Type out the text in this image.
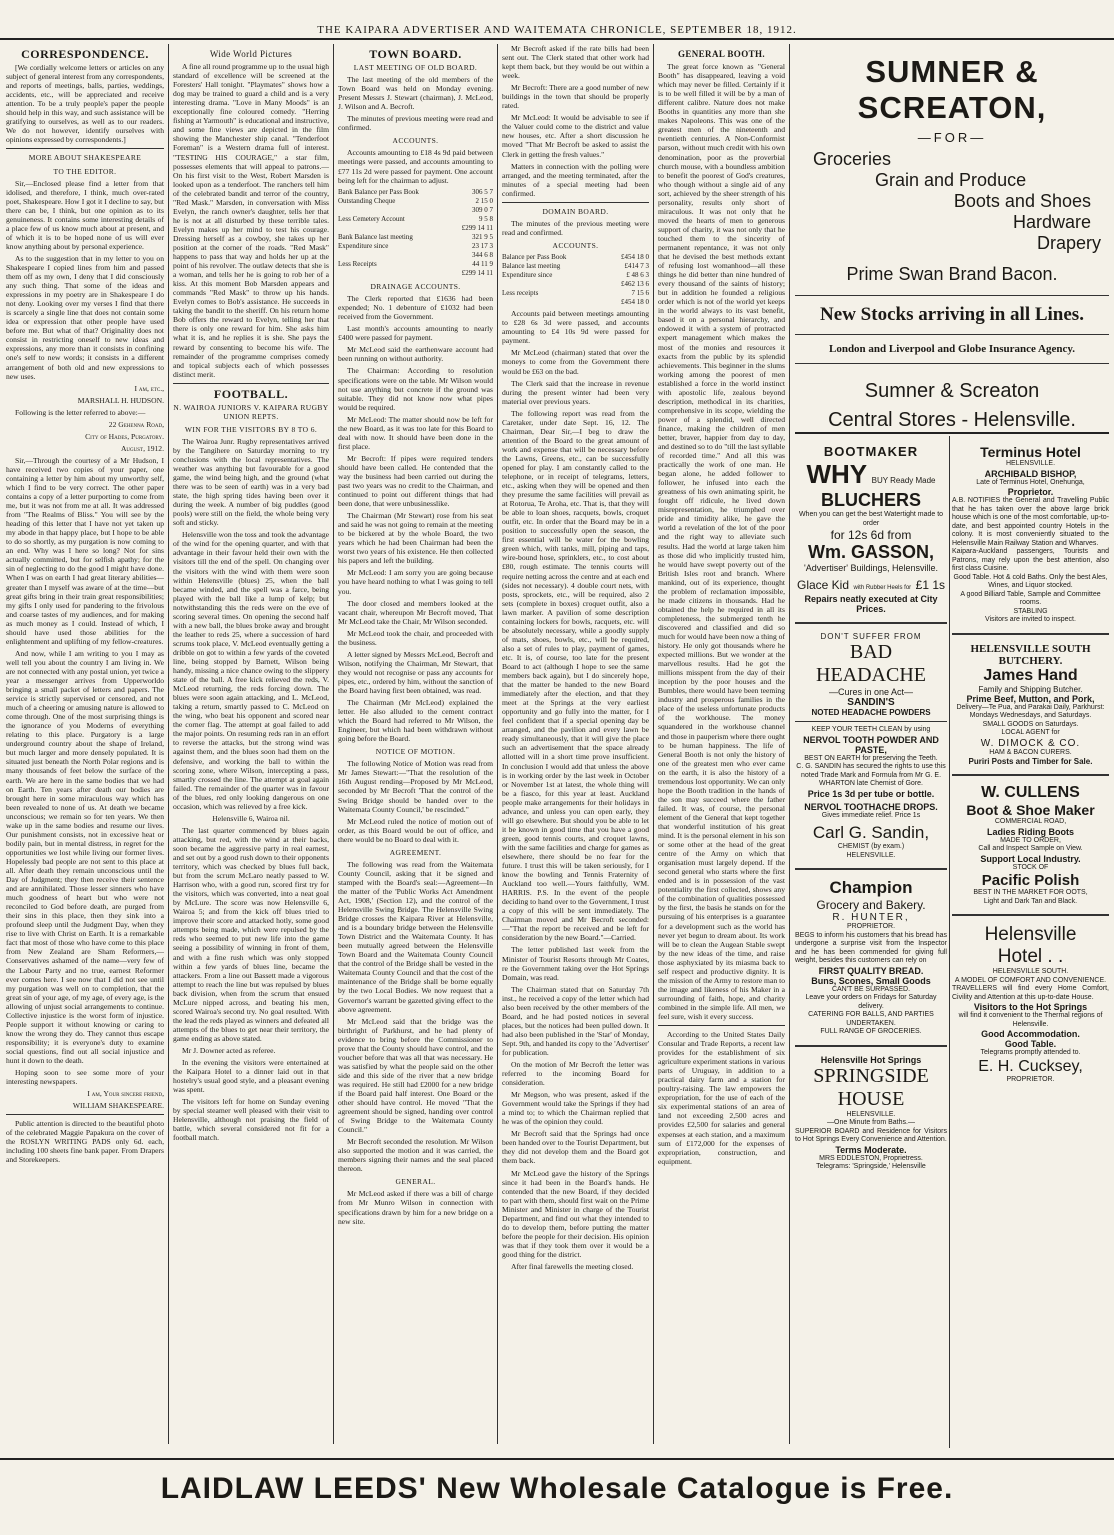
THE KAIPARA ADVERTISER AND WAITEMATA CHRONICLE, SEPTEMBER 18, 1912.
CORRESPONDENCE.

[We cordially welcome letters or articles on any subject of general interest from any correspondents, and reports of meetings, balls, parties, weddings, accidents, etc., will be appreciated and receive attention. To be a truly people's paper the people should help in this way, and such assistance will be gratifying to ourselves, as well as to our readers. We do not however, identify ourselves with opinions expressed by correspondents.]

MORE ABOUT SHAKESPEARE
TO THE EDITOR.

Sir,—Enclosed please find a letter from that idolised, and therefore, I think, much over-rated poet, Shakespeare. How I got it I decline to say, but there can be, I think, but one opinion as to its genuineness. It contains some interesting details of a place few of us know much about at present, and of which it is to be hoped none of us will ever know anything about by personal experience.

As to the suggestion that in my letter to you on Shakespeare I copied lines from him and passed them off as my own, I deny that I did consciously any such thing. That some of the ideas and expressions in my poetry are in Shakespeare I do not deny. Looking over my verses I find that there is scarcely a single line that does not contain some idea or expression that other people have used before me. But what of that? Originality does not consist in restricting oneself to new ideas and expressions, any more than it consists in confining one's self to new words; it consists in a different arrangement of both old and new expressions to new uses.

I am, etc.,

MARSHALL H. HUDSON.

Following is the letter referred to above:—

22 Gehenna Road,

City of Hades, Purgatory.

August, 1912.

Sir,—Through the courtesy of a Mr Hudson, I have received two copies of your paper, one containing a letter by him about my unworthy self, which I find to be very correct. The other paper contains a copy of a letter purporting to come from me, but it was not from me at all. It was addressed from "The Realms of Bliss." You will see by the heading of this letter that I have not yet taken up my abode in that happy place, but I hope to be able to do so shortly, as my purgation is now coming to an end. Why was I here so long? Not for sins actually committed, but for selfish apathy; for the sin of neglecting to do the good I might have done. When I was on earth I had great literary abilities—greater than I myself was aware of at the time—but great gifts bring in their train great responsibilities; my gifts I only used for pandering to the frivolous and coarse tastes of my audiences, and for making as much money as I could. Instead of which, I should have used those abilities for the enlightenment and uplifting of my fellow-creatures.

And now, while I am writing to you I may as well tell you about the country I am living in. We are not connected with any postal union, yet twice a year a messenger arrives from Upperworldo bringing a small packet of letters and papers. The service is strictly supervised or censored, and not much of a cheering or amusing nature is allowed to come through. One of the most surprising things is the ignorance of you Moderns of everything relating to this place. Purgatory is a large underground country about the shape of Ireland, but much larger and more densely populated. It is situated just beneath the North Polar regions and is many thousands of feet below the surface of the earth. We are here in the same bodies that we had on Earth. Ten years after death our bodies are brought here in some miraculous way which has been revealed to none of us. At death we became unconscious; we remain so for ten years. We then wake up in the same bodies and resume our lives. Our punishment consists, not in excessive heat or bodily pain, but in mental distress, in regret for the opportunities we lost while living our former lives. Hopelessly bad people are not sent to this place at all. After death they remain unconscious until the Day of Judgment; they then receive their sentence and are annihilated. Those lesser sinners who have much goodness of heart but who were not reconciled to God before death, are purged from their sins in this place, then they sink into a profound sleep until the Judgment Day, when they rise to live with Christ on Earth. It is a remarkable fact that most of those who have come to this place from New Zealand are Sham Reformers,—Conservatives ashamed of the name—very few of the Labour Party and no true, earnest Reformer ever comes here. I see now that I did not see until my purgation was well on to completion, that the great sin of your age, of my age, of every age, is the allowing of unjust social arrangements to continue. Collective injustice is the worst form of injustice. People support it without knowing or caring to know the wrong they do. They cannot thus escape responsibility; it is everyone's duty to examine social questions, find out all social injustice and hunt it down to the death.

Hoping soon to see some more of your interesting newspapers.

I am, Your sincere friend,

WILLIAM SHAKESPEARE.

Public attention is directed to the beautiful photo of the celebrated Maggie Papakura on the cover of the ROSLYN WRITING PADS only 6d. each, including 100 sheets fine bank paper. From Drapers and Storekeepers.

Wide World Pictures

A fine all round programme up to the usual high standard of excellence will be screened at the Foresters' Hall tonight. "Playmates" shows how a dog may be trained to guard a child and is a very interesting drama. "Love in Many Moods" is an exceptionally fine coloured comedy. "Herring fishing at Yarmouth" is educational and instructive, and some fine views are depicted in the film showing the Manchester ship canal. "Tenderfoot Foreman" is a Western drama full of interest. "TESTING HIS COURAGE," a star film, possesses elements that will appeal to patrons.—On his first visit to the West, Robert Marsden is looked upon as a tenderfoot. The ranchers tell him of the celebrated bandit and terror of the country, "Red Mask." Marsden, in conversation with Miss Evelyn, the ranch owner's daughter, tells her that he is not at all disturbed by these terrible tales. Evelyn makes up her mind to test his courage. Dressing herself as a cowboy, she takes up her position at the corner of the roads. "Red Mask" happens to pass that way and holds her up at the point of his revolver. The outlaw detects that she is a woman, and tells her he is going to rob her of a kiss. At this moment Bob Marsden appears and commands "Red Mask" to throw up his hands. Evelyn comes to Bob's assistance. He succeeds in taking the bandit to the sheriff. On his return home Bob offers the reward to Evelyn, telling her that there is only one reward for him. She asks him what it is, and he replies it is she. She pays the reward by consenting to become his wife. The remainder of the programme comprises comedy and topical subjects each of which possesses distinct merit.

FOOTBALL.
N. WAIROA JUNIORS V. KAIPARA RUGBY UNION REPTS.
WIN FOR THE VISITORS BY 8 TO 6.

The Wairoa Junr. Rugby representatives arrived by the Tangihere on Saturday morning to try conclusions with the local representatives. The weather was anything but favourable for a good game, the wind being high, and the ground (what there was to be seen of earth) was in a very bad state, the high spring tides having been over it during the week. A number of big puddles (good pools) were still on the field, the whole being very soft and sticky.

Helensville won the toss and took the advantage of the wind for the opening quarter, and with that advantage in their favour held their own with the visitors till the end of the spell. On changing over the visitors with the wind with them were soon within Helensville (blues) 25, when the ball became winded, and the spell was a farce, being played with the ball like a lump of kelp; but notwithstanding this the reds were on the eve of scoring several times. On opening the second half with a new ball, the blues broke away and brought the leather to reds 25, where a succession of hard scrums took place, V. McLeod eventually getting a dribble on got to within a few yards of the coveted line, being stopped by Barnett, Wilson being handy, missing a nice chance owing to the slippery state of the ball. A free kick relieved the reds, V. McLeod returning, the reds forcing down. The blues were soon again attacking, and L. McLeod, taking a return, smartly passed to C. McLeod on the wing, who beat his opponent and scored near the corner flag. The attempt at goal failed to add the major points. On resuming reds ran in an effort to reverse the attacks, but the strong wind was against them, and the blues soon had them on the defensive, and working the ball to within the scoring zone, where Wilson, intercepting a pass, smartly crossed the line. The attempt at goal again failed. The remainder of the quarter was in favour of the blues, red only looking dangerous on one occasion, which was relieved by a free kick.

Helensville 6, Wairoa nil.

The last quarter commenced by blues again attacking, but red, with the wind at their backs, soon became the aggressive party in real earnest, and set out by a good rush down to their opponents territory, which was checked by blues full back, but from the scrum McLaro neatly passed to W. Harrison who, with a good run, scored first try for the visitors, which was converted, into a neat goal by McLure. The score was now Helensville 6, Wairoa 5; and from the kick off blues tried to improve their score and attacked hotly, some good attempts being made, which were repulsed by the reds who seemed to put new life into the game seeing a possibility of winning in front of them, and with a fine rush which was only stopped within a few yards of blues line, became the attackers. From a line out Bassett made a vigorous attempt to reach the line but was repulsed by blues back division, when from the scrum that ensued McLure nipped across, and beating his men, scored Wairoa's second try. No goal resulted. With the lead the reds played as winners and defeated all attempts of the blues to get near their territory, the game ending as above stated.

Mr J. Downer acted as referee.

In the evening the visitors were entertained at the Kaipara Hotel to a dinner laid out in that hostelry's usual good style, and a pleasant evening was spent.

The visitors left for home on Sunday evening by special steamer well pleased with their visit to Helensville, although not praising the field of battle, which several considered not fit for a football match.

TOWN BOARD.
LAST MEETING OF OLD BOARD.

The last meeting of the old members of the Town Board was held on Monday evening. Present Messrs J. Stewart (chairman), J. McLeod, J. Wilson and A. Becroft.

The minutes of previous meeting were read and confirmed.

ACCOUNTS.

Accounts amounting to £18 4s 9d paid between meetings were passed, and accounts amounting to £77 11s 2d were passed for payment. One account being left for the chairman to adjust.

Bank Balance per Pass Book	306 5 7
Outstanding Cheque	2 15 0
	309 0 7
Less Cemetery Account	9 5 8
	£299 14 11
Bank Balance last meeting	321 9 5
Expenditure since	23 17 3
	344 6 8
Less Receipts	44 11 9
	£299 14 11
DRAINAGE ACCOUNTS.

The Clerk reported that £1636 had been expended; No. 1 debenture of £1032 had been received from the Government.

Last month's accounts amounting to nearly £400 were passed for payment.

Mr McLeod said the earthenware account had been running on without authority.

The Chairman: According to resolution specifications were on the table. Mr Wilson would not use anything but concrete if the ground was suitable. They did not know now what pipes would be required.

Mr McLeod: The matter should now be left for the new Board, as it was too late for this Board to deal with now. It should have been done in the first place.

Mr Becroft: If pipes were required tenders should have been called. He contended that the way the business had been carried out during the past two years was no credit to the Chairman, and continued to point out different things that had been done, that were unbusinesslike.

The Chairman (Mr Stewart) rose from his seat and said he was not going to remain at the meeting to be bickered at by the whole Board, the two years which he had been Chairman had been the worst two years of his existence. He then collected his papers and left the building.

Mr McLeod: I am sorry you are going because you have heard nothing to what I was going to tell you.

The door closed and members looked at the vacant chair, whereupon Mr Becroft moved, That Mr McLeod take the Chair, Mr Wilson seconded.

Mr McLeod took the chair, and proceeded with the business.

A letter signed by Messrs McLeod, Becroft and Wilson, notifying the Chairman, Mr Stewart, that they would not recognise or pass any accounts for pipes, etc., ordered by him, without the sanction of the Board having first been obtained, was read.

The Chairman (Mr McLeod) explained the letter. He also alluded to the cement contract which the Board had referred to Mr Wilson, the Engineer, but which had been withdrawn without going before the Board.

NOTICE OF MOTION.

The following Notice of Motion was read from Mr James Stewart:—"That the resolution of the 16th August rending—Proposed by Mr McLeod, seconded by Mr Becroft 'That the control of the Swing Bridge should be handed over to the Waitemata County Council,' be rescinded."

Mr McLeod ruled the notice of motion out of order, as this Board would be out of office, and there would be no Board to deal with it.

AGREEMENT.

The following was read from the Waitemata County Council, asking that it be signed and stamped with the Board's seal:—Agreement—In the matter of the 'Public Works Act Amendment Act, 1908,' (Section 12), and the control of the Helensville Swing Bridge. The Helensville Swing Bridge crosses the Kaipara River at Helensville, and is a boundary bridge between the Helensville Town District and the Waitemata County. It has been mutually agreed between the Helensville Town Board and the Waitemata County Council that the control of the Bridge shall be vested in the Waitemata County Council and that the cost of the maintenance of the Bridge shall be borne equally by the two Local Bodies. We now request that a Governor's warrant be gazetted giving effect to the above agreement.

Mr McLeod said that the bridge was the birthright of Parkhurst, and he had plenty of evidence to bring before the Commissioner to prove that the County should have control, and the voucher before that was all that was necessary. He was satisfied by what the people said on the other side and this side of the river that a new bridge was required. He still had £2000 for a new bridge if the Board paid half interest. One Board or the other should have control. He moved "That the agreement should be signed, handing over control of Swing Bridge to the Waitemata County Council."

Mr Becroft seconded the resolution. Mr Wilson also supported the motion and it was carried, the members signing their names and the seal placed thereon.

GENERAL.

Mr McLeod asked if there was a bill of charge from Mr Munro Wilson in connection with specifications drawn by him for a new bridge on a new site.

Mr Becroft asked if the rate bills had been sent out. The Clerk stated that other work had kept them back, but they would be out within a week.

Mr Becroft: There are a good number of new buildings in the town that should be properly rated.

Mr McLeod: It would be advisable to see if the Valuer could come to the district and value new houses, etc. After a short discussion he moved "That Mr Becroft be asked to assist the Clerk in getting the fresh values."

Matters in connection with the polling were arranged, and the meeting terminated, after the minutes of a special meeting had been confirmed.

DOMAIN BOARD.

The minutes of the previous meeting were read and confirmed.

ACCOUNTS.
Balance per Pass Book	£454 18 0
Balance last meeting	£414 7 3
Expenditure since	£ 48 6 3
	£462 13 6
Less receipts	7 15 6
	£454 18 0

Accounts paid between meetings amounting to £28 6s 3d were passed, and accounts amounting to £4 10s 9d were passed for payment.

Mr McLeod (chairman) stated that over the moneys to come from the Government there would be £63 on the bad.

The Clerk said that the increase in revenue during the present winter had been very material over previous years.

The following report was read from the Caretaker, under date Sept. 16, 12. The Chairman, Dear Sir,—I beg to draw the attention of the Board to the great amount of work and expense that will be necessary before the Lawns, Greens, etc., can be successfully opened for play. I am constantly called to the telephone, or in receipt of telegrams, letters, etc., asking when they will be opened and then they presume the same facilities will prevail as at Rotorua, Te Aroha, etc. That is, that they will be able to loan shoes, racquets, bowls, croquet outfit, etc. In order that the Board may be in a position to successfully open the season, the first essential will be water for the bowling green which, with tanks, mill, piping and taps, wire-bound hose, sprinklers, etc., to cost about £80, rough estimate. The tennis courts will require netting across the centre and at each end (sides not necessary). 4 double court nets, with posts, sprockets, etc., will be required, also 2 sets (complete in boxes) croquet outfit, also a lawn marker. A pavilion of some description containing lockers for bowls, racquets, etc. will be absolutely necessary, while a goodly supply of mats, shoes, bowls, etc., will be required, also a set of rules to play, payment of games, etc. It is, of course, too late for the present Board to act (although I hope to see the same members back again), but I do sincerely hope, that the matter be handed to the new Board immediately after the election, and that they meet at the Springs at the very earliest opportunity and go fully into the matter, for I feel confident that if a special opening day be arranged, and the pavilion and every lawn be ready simultaneously, that it will give the place such an advertisement that the space already allotted will in a short time prove insufficient. In conclusion I would add that unless the above is in working order by the last week in October or November 1st at latest, the whole thing will be a fiasco, for this year at least. Auckland people make arrangements for their holidays in advance, and unless you can open early, they will go elsewhere. But should you be able to let it be known in good time that you have a good green, good tennis courts, and croquet lawns, with the same facilities and charge for games as elsewhere, there should be no fear for the future. I trust this will be taken seriously, for I know the bowling and Tennis Fraternity of Auckland too well.—Yours faithfully, WM. HARRIS. P.S. In the event of the people deciding to hand over to the Government, I trust a copy of this will be sent immediately. The Chairman moved and Mr Becroft seconded:—"That the report be received and be left for consideration by the new Board."—Carried.

The letter published last week from the Minister of Tourist Resorts through Mr Coates, re the Government taking over the Hot Springs Domain, was read.

The Chairman stated that on Saturday 7th inst., he received a copy of the letter which had also been received by the other members of the Board, and he had posted notices in several places, but the notices had been pulled down. It had also been published in the 'Star' of Monday, Sept. 9th, and handed its copy to the 'Advertiser' for publication.

On the motion of Mr Becroft the letter was referred to the incoming Board for consideration.

Mr Megson, who was present, asked if the Government would take the Springs if they had a mind to; to which the Chairman replied that he was of the opinion they could.

Mr Becroft said that the Springs had once been handed over to the Tourist Department, but they did not develop them and the Board got them back.

Mr McLeod gave the history of the Springs since it had been in the Board's hands. He contended that the new Board, if they decided to part with them, should first wait on the Prime Minister and Minister in charge of the Tourist Department, and find out what they intended to do to develop them, before putting the matter before the people for their decision. His opinion was that if they took them over it would be a good thing for the district.

After final farewells the meeting closed.

GENERAL BOOTH.

The great force known as "General Booth" has disappeared, leaving a void which may never be filled. Certainly if it is to be well filled it will be by a man of different calibre. Nature does not make Booths in quantities any more than she makes Napoleons. This was one of the greatest men of the nineteenth and twentieth centuries. A Non-Conformist parson, without much credit with his own denomination, poor as the proverbial church mouse, with a boundless ambition to benefit the poorest of God's creatures, who though without a single aid of any sort, achieved by the sheer strength of his personality, results only short of miraculous. It was not only that he moved the hearts of men to generous support of charity, it was not only that he touched them to the sincerity of permanent repentance, it was not only that he devised the best methods extant of refusing lost womanhood—all these things he did better than nine hundred of every thousand of the saints of history; but in addition he founded a religious order which is not of the world yet keeps in the world always to its vast benefit, based it on a personal hierarchy, and endowed it with a system of protracted expert management which makes the most of the monies and resources it exacts from the public by its splendid achievements. This beginner in the slums working among the poorest of men established a force in the world instinct with apostolic life, zealous beyond description, methodical in its charities, comprehensive in its scope, wielding the power of a splendid, well directed finance, making the children of men better, braver, happier from day to day, and destined so to do "till the last syllable of recorded time." And all this was practically the work of one man. He began alone, he added follower to follower, he infused into each the greatness of his own animating spirit, he fought off ridicule, he lived down misrepresentation, he triumphed over pride and timidity alike, he gave the world a revelation of the lot of the poor and the right way to alleviate such results. Had the world at large taken him as those did who implicitly trusted him, he would have swept poverty out of the British Isles root and branch. Where mankind, out of its experience, thought the problem of reclamation impossible, he made citizens in thousands. Had he obtained the help he required in all its completeness, the submerged tenth he discovered and classified and did so much for would have been now a thing of history. He only got thousands where he expected millions. But we wonder at the marvellous results. Had he got the millions misspent from the day of their inception by the poor houses and the Bumbles, there would have been teeming industry and prosperous families in the place of the useless unfortunate products of the workhouse. The money squandered in the workhouse channel and those in pauperism where there ought to be human happiness. The life of General Booth is not only the history of one of the greatest men who ever came on the earth, it is also the history of a tremendous lost opportunity. We can only hope the Booth tradition in the hands of the son may succeed where the father failed. It was, of course, the personal element of the General that kept together that wonderful institution of his great mind. It is the personal element in his son or some other at the head of the great centre of the Army on which that organisation must largely depend. If the second general who starts where the first ended and is in possession of the vast potentiality the first collected, shows any of the combination of qualities possessed by the first, the basis he stands on for the pursuing of his enterprises is a guarantee for a development such as the world has never yet begun to dream about. Its work will be to clean the Augean Stable swept by the new ideas of the time, and raise those asphyxiated by its miasma back to self respect and productive dignity. It is the mission of the Army to restore man to the image and likeness of his Maker in a surrounding of faith, hope, and charity combined in the simple life. All men, we feel sure, wish it every success.

According to the United States Daily Consular and Trade Reports, a recent law provides for the establishment of six agriculture experiment stations in various parts of Uruguay, in addition to a practical dairy farm and a station for poultry-raising. The law empowers the expropriation, for the use of each of the six experimental stations of an area of land not exceeding 2,500 acres and provides £2,500 for salaries and general expenses at each station, and a maximum sum of £172,000 for the expenses of expropriation, construction, and equipment.

SUMNER & SCREATON,
—FOR—
Groceries
Grain and Produce
Boots and Shoes
Hardware
Drapery
Prime Swan Brand Bacon.
New Stocks arriving in all Lines.
London and Liverpool and Globe Insurance Agency.
Sumner & Screaton
Central Stores - Helensville.
BOOTMAKER
WHY BUY Ready Made
BLUCHERS
When you can get the best Watertight made to order
for 12s 6d from
Wm. GASSON,
'Advertiser' Buildings, Helensville.
Glace Kid with Rubber Heels for £1 1s
Repairs neatly executed at City Prices.
DON'T SUFFER FROM
BAD HEADACHE
—Cures in one Act—
SANDIN'S
NOTED HEADACHE POWDERS
KEEP YOUR TEETH CLEAN by using
NERVOL TOOTH POWDER AND PASTE,
BEST ON EARTH for preserving the Teeth.
C. G. SANDIN has secured the rights to use this noted Trade Mark and Formula from Mr G. E. WHARTON late Chemist of Gore.
Price 1s 3d per tube or bottle.
NERVOL TOOTHACHE DROPS.
Gives immediate relief. Price 1s
Carl G. Sandin,
CHEMIST (by exam.)
HELENSVILLE.
Champion
Grocery and Bakery.
R. HUNTER,
PROPRIETOR.
BEGS to inform his customers that his bread has undergone a surprise visit from the Inspector and he has been commended for giving full weight, besides this customers can rely on
FIRST QUALITY BREAD.
Buns, Scones, Small Goods
CAN'T BE SURPASSED.
Leave your orders on Fridays for Saturday delivery.
CATERING FOR BALLS, AND PARTIES UNDERTAKEN.
FULL RANGE OF GROCERIES.
Helensville Hot Springs
SPRINGSIDE
HOUSE
HELENSVILLE.
—One Minute from Baths.—
SUPERIOR BOARD and Residence for Visitors to Hot Springs Every Convenience and Attention.
Terms Moderate.
MRS EDDLESTON, Proprietress.
Telegrams: 'Springside,' Helensville
Terminus Hotel
HELENSVILLE.
ARCHIBALD BISHOP,
Late of Terminus Hotel, Onehunga,
Proprietor.
A.B. NOTIFIES the General and Travelling Public that he has taken over the above large brick house which is one of the most comfortable, up-to-date, and best appointed country Hotels in the colony. It is most conveniently situated to the Helensville Main Railway Station and Wharves.
Kaipara-Auckland passengers, Tourists and Patrons, may rely upon the best attention, also first class Cuisine.
Good Table. Hot & cold Baths. Only the best Ales, Wines, and Liquor stocked.
A good Billiard Table, Sample and Committee rooms.
STABLING
Visitors are invited to inspect.
HELENSVILLE SOUTH
BUTCHERY.
James Hand
Family and Shipping Butcher.
Prime Beef, Mutton, and Pork,
Delivery—Te Pua, and Parakai Daily, Parkhurst: Mondays Wednesdays, and Saturdays.
SMALL GOODS on Saturdays.
LOCAL AGENT for
W. DIMOCK & CO.
HAM & BACON CURERS.
Puriri Posts and Timber for Sale.
W. CULLENS
Boot & Shoe Maker
COMMERCIAL ROAD,
Ladies Riding Boots
MADE TO ORDER,
Call and Inspect Sample on View.
Support Local Industry.
STOCK OF
Pacific Polish
BEST IN THE MARKET FOR OOTS,
Light and Dark Tan and Black.
Helensville
Hotel . .
HELENSVILLE SOUTH.
A MODEL OF COMFORT AND CONVENIENCE.
TRAVELLERS will find every Home Comfort, Civility and Attention at this up-to-date House.
Visitors to the Hot Springs
will find it convenient to the Thermal regions of Helensville.
Good Accommodation.
Good Table.
Telegrams promptly attended to.
E. H. Cucksey,
PROPRIETOR.
LAIDLAW LEEDS' New Wholesale Catalogue is Free.
